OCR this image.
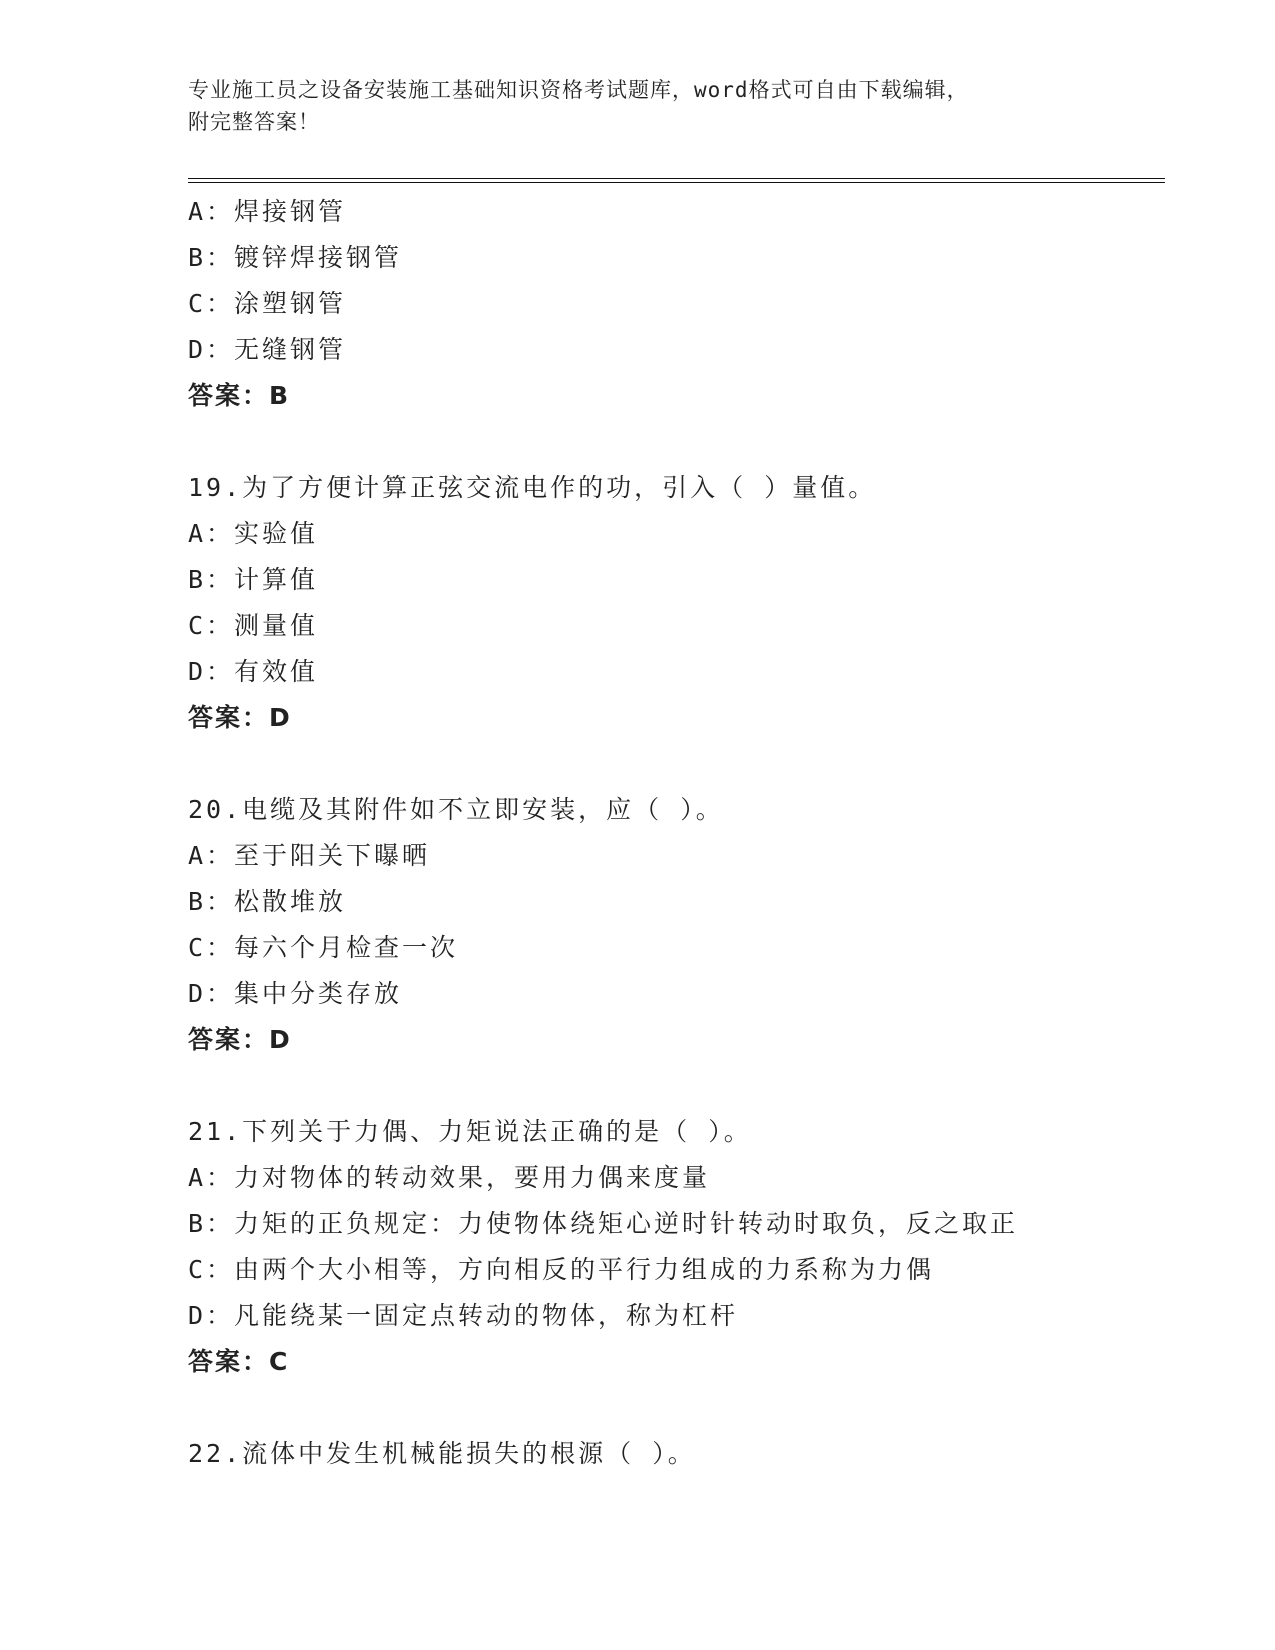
专业施工员之设备安装施工基础知识资格考试题库，word格式可自由下载编辑，
附完整答案！
A：焊接钢管
B：镀锌焊接钢管
C：涂塑钢管
D：无缝钢管
答案：B
19.为了方便计算正弦交流电作的功，引入（ ）量值。
A：实验值
B：计算值
C：测量值
D：有效值
答案：D
20.电缆及其附件如不立即安装，应（ ）。
A：至于阳关下曝晒
B：松散堆放
C：每六个月检查一次
D：集中分类存放
答案：D
21.下列关于力偶、力矩说法正确的是（ ）。
A：力对物体的转动效果，要用力偶来度量
B：力矩的正负规定：力使物体绕矩心逆时针转动时取负，反之取正
C：由两个大小相等，方向相反的平行力组成的力系称为力偶
D：凡能绕某一固定点转动的物体，称为杠杆
答案：C
22.流体中发生机械能损失的根源（ ）。
